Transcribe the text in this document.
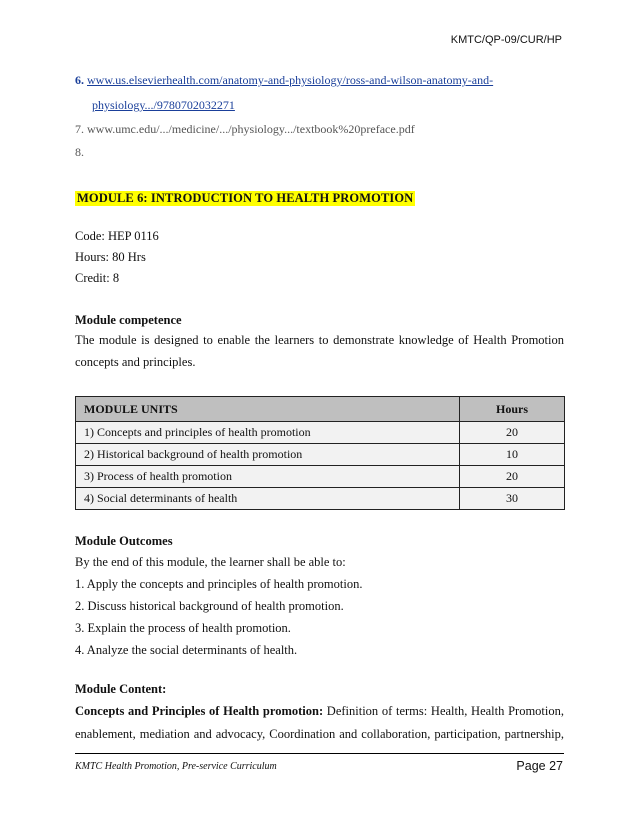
KMTC/QP-09/CUR/HP
6. www.us.elsevierhealth.com/anatomy-and-physiology/ross-and-wilson-anatomy-and-
physiology.../9780702032271
7. www.umc.edu/.../medicine/.../physiology.../textbook%20preface.pdf
8.
MODULE 6: INTRODUCTION TO HEALTH PROMOTION
Code: HEP 0116
Hours: 80 Hrs
Credit: 8
Module competence
The module is designed to enable the learners to demonstrate knowledge of Health Promotion
concepts and principles.
MODULE UNITS	Hours
1) Concepts and principles of health promotion	20
2) Historical background of health promotion	10
3) Process of health promotion	20
4) Social determinants of health	30
Module Outcomes
By the end of this module, the learner shall be able to:
1. Apply the concepts and principles of health promotion.
2. Discuss historical background of health promotion.
3. Explain the process of health promotion.
4. Analyze the social determinants of health.
Module Content:
Concepts and Principles of Health promotion: Definition of terms: Health, Health Promotion,
enablement, mediation and advocacy, Coordination and collaboration, participation, partnership,
KMTC Health Promotion, Pre-service Curriculum	Page 27
